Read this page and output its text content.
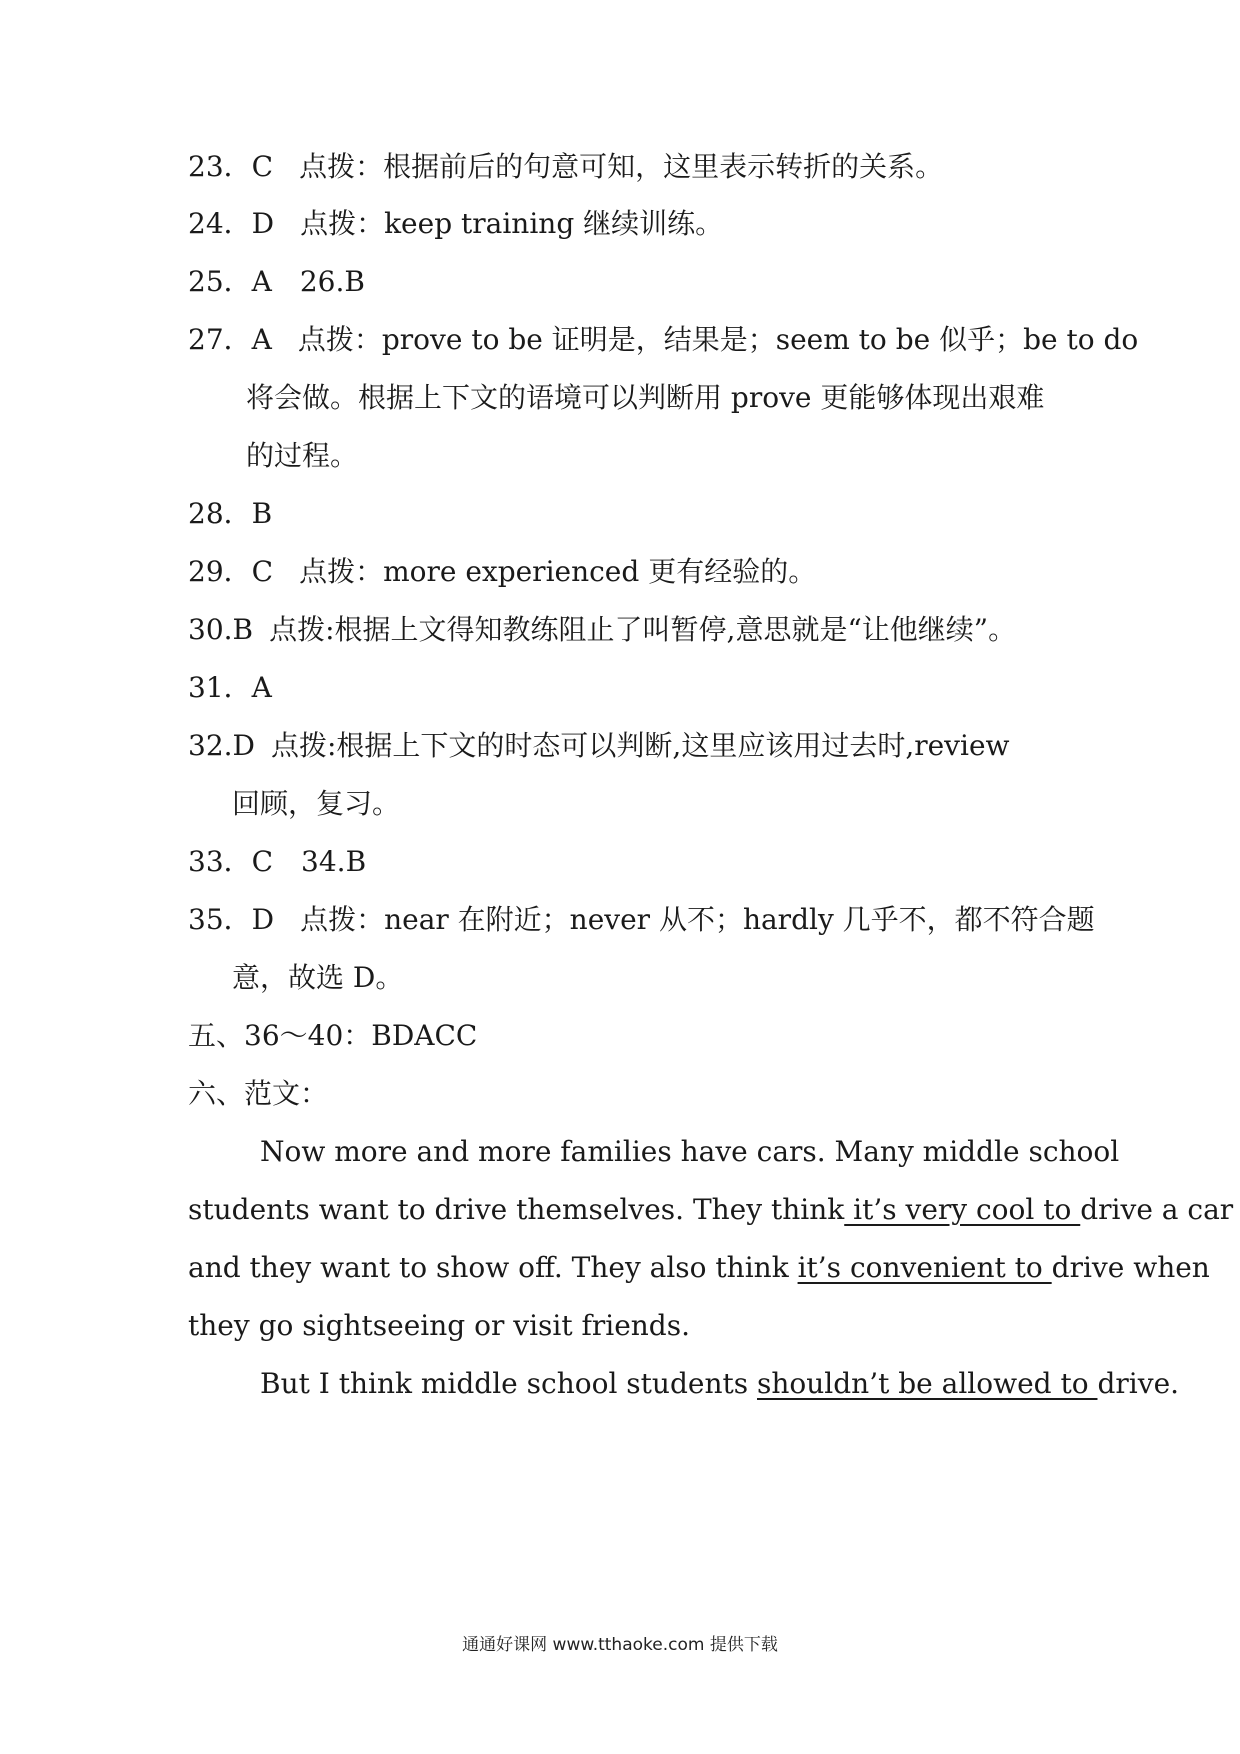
23．C 点拨：根据前后的句意可知，这里表示转折的关系。
24．D 点拨：keep training 继续训练。
25．A　26.B
27．A 点拨：prove to be 证明是，结果是；seem to be 似乎；be to do
将会做。根据上下文的语境可以判断用 prove 更能够体现出艰难
的过程。
28．B
29．C 点拨：more experienced 更有经验的。
30.B 点拨:根据上文得知教练阻止了叫暂停,意思就是“让他继续”。
31．A
32.D 点拨:根据上下文的时态可以判断,这里应该用过去时,review
回顾，复习。
33．C　34.B
35．D 点拨：near 在附近；never 从不；hardly 几乎不，都不符合题
意，故选 D。
五、36～40：BDACC
六、范文：
Now more and more families have cars. Many middle school
students want to drive themselves. They think it’s very cool to drive a car
and they want to show off. They also think it’s convenient to drive when
they go sightseeing or visit friends.
But I think middle school students shouldn’t be allowed to drive.
通通好课网 www.tthaoke.com 提供下载
